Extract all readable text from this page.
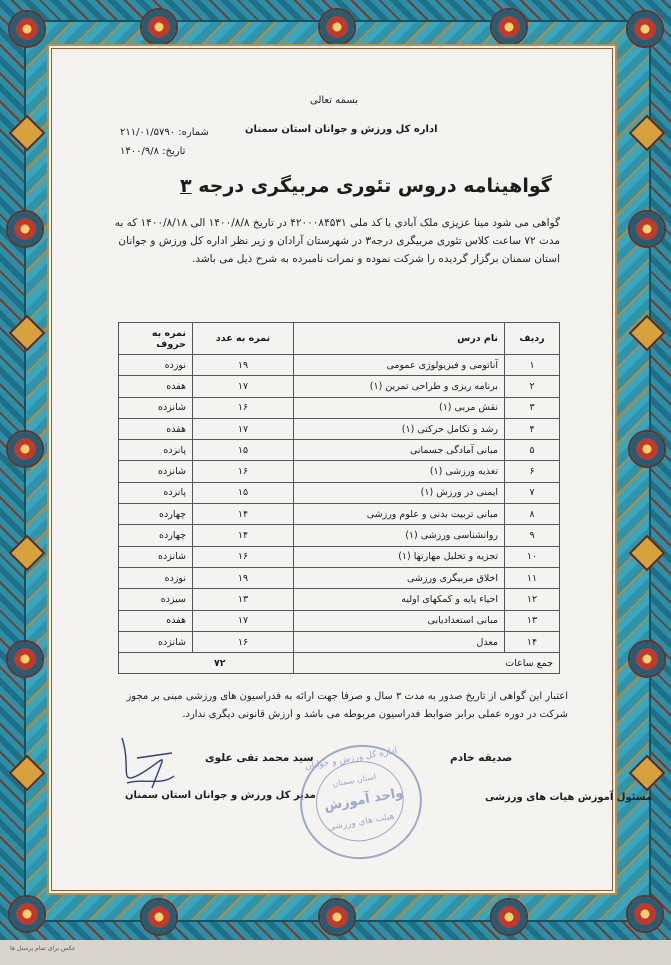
بسمه تعالی
اداره کل ورزش و جوانان استان سمنان
شماره: ۲۱۱/۰۱/۵۷۹۰
تاریخ: ۱۴۰۰/۹/۸
گواهینامه دروس تئوری مربیگری درجه ۳
گواهی می شود مینا عزیزی ملک آبادی با کد ملی ۴۲۰۰۰۸۴۵۳۱ در تاریخ ۱۴۰۰/۸/۸ الی ۱۴۰۰/۸/۱۸ که به مدت ۷۲ ساعت کلاس تئوری مربیگری درجه۳ در شهرستان آرادان و زیر نظر اداره کل ورزش و جوانان استان سمنان برگزار گردیده را شرکت نموده و نمرات نامبرده به شرح ذیل می باشد.
ردیف	نام درس	نمره به عدد	نمره به حروف
۱	آناتومی و فیزیولوژی عمومی	۱۹	نوزده
۲	برنامه ریزی و طراحی تمرین (۱)	۱۷	هفده
۳	نقش مربی (۱)	۱۶	شانزده
۴	رشد و تکامل حرکتی (۱)	۱۷	هفده
۵	مبانی آمادگی جسمانی	۱۵	پانزده
۶	تغذیه ورزشی (۱)	۱۶	شانزده
۷	ایمنی در ورزش (۱)	۱۵	پانزده
۸	مبانی تربیت بدنی و علوم ورزشی	۱۴	چهارده
۹	روانشناسی ورزشی (۱)	۱۴	چهارده
۱۰	تجزیه و تحلیل مهارتها (۱)	۱۶	شانزده
۱۱	اخلاق مربیگری ورزشی	۱۹	نوزده
۱۲	احیاء پایه و کمکهای اولیه	۱۳	سیزده
۱۳	مبانی استعدادیابی	۱۷	هفده
۱۴	معدل	۱۶	شانزده
جمع ساعات		۷۲	
اعتبار این گواهی از تاریخ صدور به مدت ۳ سال و صرفا جهت ارائه به فدراسیون های ورزشی مبنی بر مجوز شرکت در دوره عملی برابر ضوابط فدراسیون مربوطه می باشد و ارزش قانونی دیگری ندارد.
صدیقه خادم
مسئول آموزش هیات های ورزشی
سید محمد تقی علوی
مدیر کل ورزش و جوانان استان سمنان
اداره کل ورزش و جوانان
استان سمنان
واحد آموزش
هیئت های ورزشی
عکس برای تمام پرسنل ها
